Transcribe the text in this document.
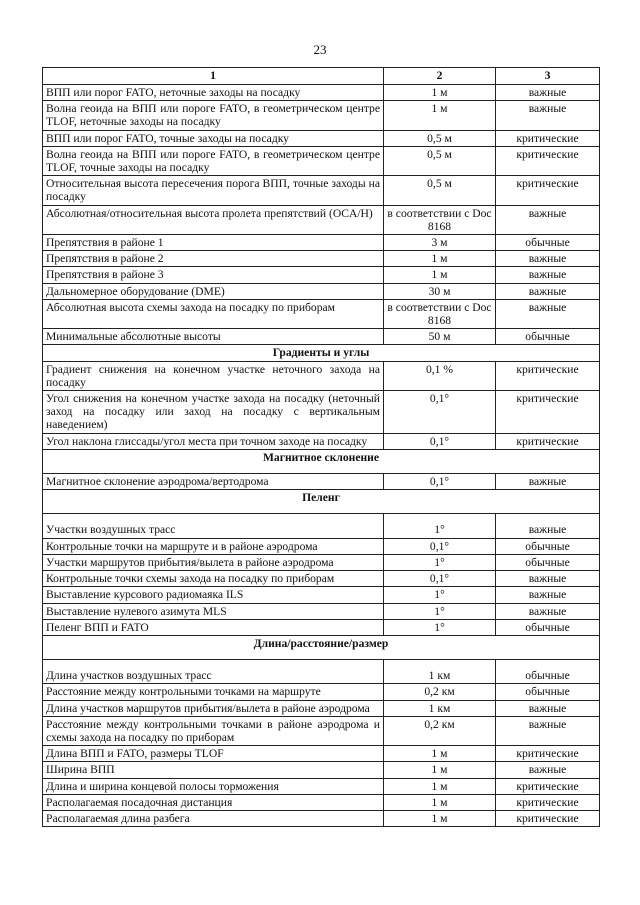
23
1	2	3
ВПП или порог FATO, неточные заходы на посадку	1 м	важные
Волна геоида на ВПП или пороге FATO, в геометрическом центре TLOF, неточные заходы на посадку	1 м	важные
ВПП или порог FATO, точные заходы на посадку	0,5 м	критические
Волна геоида на ВПП или пороге FATO, в геометрическом центре TLOF, точные заходы на посадку	0,5 м	критические
Относительная высота пересечения порога ВПП, точные заходы на посадку	0,5 м	критические
Абсолютная/относительная высота пролета препятствий (OCA/H)	в соответствии с Doc 8168	важные
Препятствия в районе 1	3 м	обычные
Препятствия в районе 2	1 м	важные
Препятствия в районе 3	1 м	важные
Дальномерное оборудование (DME)	30 м	важные
Абсолютная высота схемы захода на посадку по приборам	в соответствии с Doc 8168	важные
Минимальные абсолютные высоты	50 м	обычные
Градиенты и углы		
Градиент снижения на конечном участке неточного захода на посадку	0,1 %	критические
Угол снижения на конечном участке захода на посадку (неточный заход на посадку или заход на посадку с вертикальным наведением)	0,1°	критические
Угол наклона глиссады/угол места при точном заходе на посадку	0,1°	критические
Магнитное склонение		
Магнитное склонение аэродрома/вертодрома	0,1°	важные
Пеленг		
Участки воздушных трасс	1°	важные
Контрольные точки на маршруте и в районе аэродрома	0,1°	обычные
Участки маршрутов прибытия/вылета в районе аэродрома	1°	обычные
Контрольные точки схемы захода на посадку по приборам	0,1°	важные
Выставление курсового радиомаяка ILS	1°	важные
Выставление нулевого азимута MLS	1°	важные
Пеленг ВПП и FATO	1°	обычные
Длина/расстояние/размер		
Длина участков воздушных трасс	1 км	обычные
Расстояние между контрольными точками на маршруте	0,2 км	обычные
Длина участков маршрутов прибытия/вылета в районе аэродрома	1 км	важные
Расстояние между контрольными точками в районе аэродрома и схемы захода на посадку по приборам	0,2 км	важные
Длина ВПП и FATO, размеры TLOF	1 м	критические
Ширина ВПП	1 м	важные
Длина и ширина концевой полосы торможения	1 м	критические
Располагаемая посадочная дистанция	1 м	критические
Располагаемая длина разбега	1 м	критические
